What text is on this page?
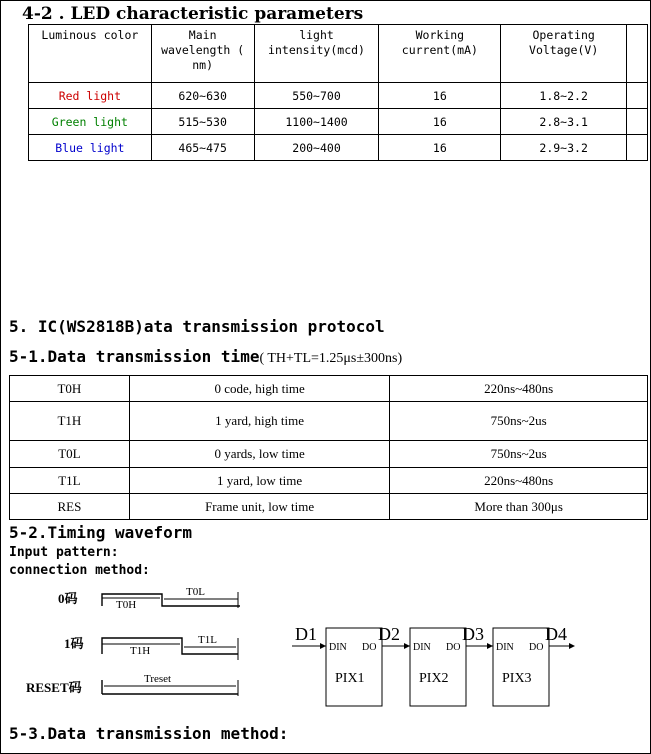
4-2 . LED characteristic parameters
Luminous color	Main wavelength ( nm)	light intensity(mcd)	Working current(mA)	Operating Voltage(V)	
Red light	620~630	550~700	16	1.8~2.2	
Green light	515~530	1100~1400	16	2.8~3.1	
Blue light	465~475	200~400	16	2.9~3.2	
5. IC(WS2818B)ata transmission protocol
5-1.Data transmission time( TH+TL=1.25μs±300ns)
T0H	0 code, high time	220ns~480ns
T1H	1 yard, high time	750ns~2us
T0L	0 yards, low time	750ns~2us
T1L	1 yard, low time	220ns~480ns
RES	Frame unit, low time	More than 300μs
5-2.Timing waveform
Input pattern:
connection method:
0码	T0H
T0L
1码	T1H
T1L
RESET码
Treset
D1	D2	D3	D4
DIN DO	DIN DO	DIN DO
PIX1	PIX2	PIX3
5-3.Data transmission method:
